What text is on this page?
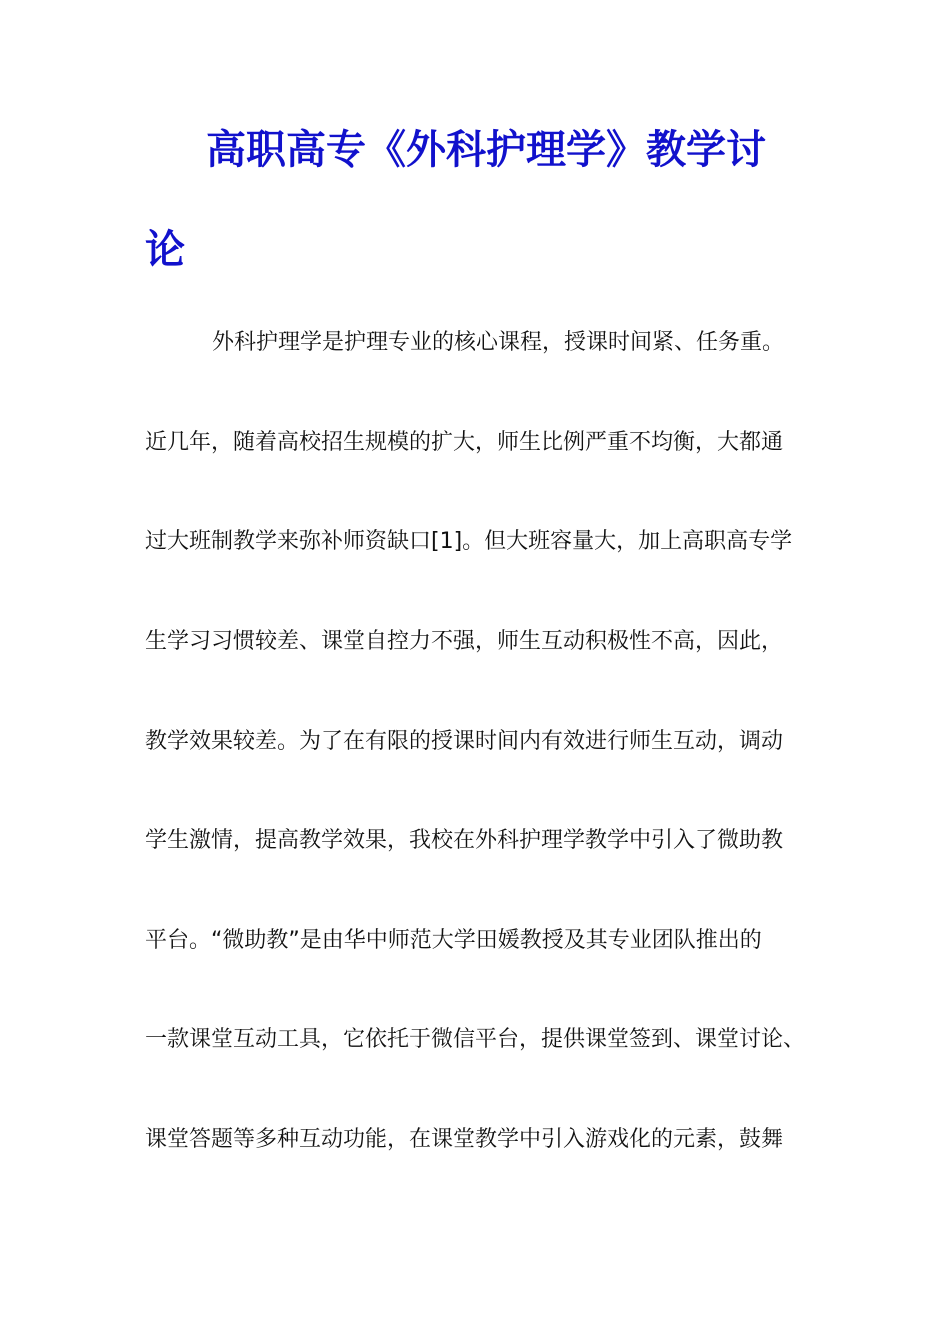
高职高专《外科护理学》教学讨
论
外科护理学是护理专业的核心课程，授课时间紧、任务重。
近几年，随着高校招生规模的扩大，师生比例严重不均衡，大都通
过大班制教学来弥补师资缺口[1]。但大班容量大，加上高职高专学
生学习习惯较差、课堂自控力不强，师生互动积极性不高，因此，
教学效果较差。为了在有限的授课时间内有效进行师生互动，调动
学生激情，提高教学效果，我校在外科护理学教学中引入了微助教
平台。“微助教”是由华中师范大学田媛教授及其专业团队推出的
一款课堂互动工具，它依托于微信平台，提供课堂签到、课堂讨论、
课堂答题等多种互动功能，在课堂教学中引入游戏化的元素，鼓舞
